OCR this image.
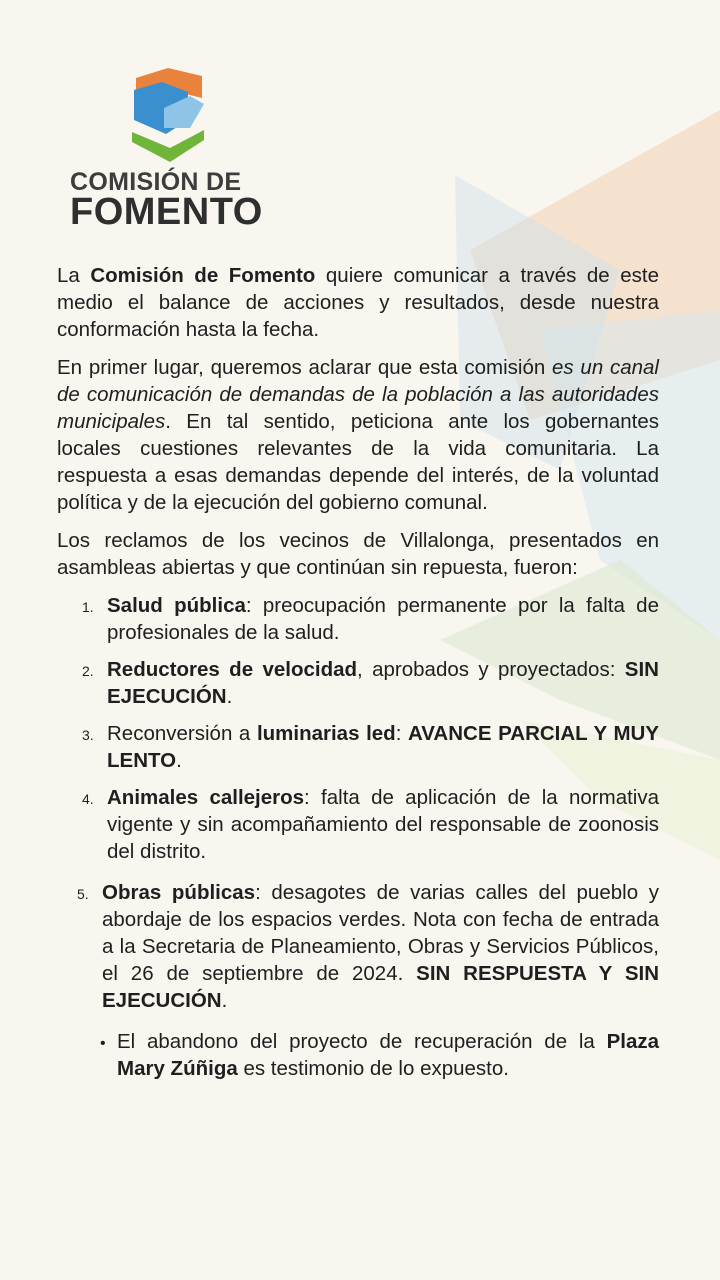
COMISIÓN DE
FOMENTO

La Comisión de Fomento quiere comunicar a través de este medio el balance de acciones y resultados, desde nuestra conformación hasta la fecha.

En primer lugar, queremos aclarar que esta comisión es un canal de comunicación de demandas de la población a las autoridades municipales. En tal sentido, peticiona ante los gobernantes locales cuestiones relevantes de la vida comunitaria. La respuesta a esas demandas depende del interés, de la voluntad política y de la ejecución del gobierno comunal.

Los reclamos de los vecinos de Villalonga, presentados en asambleas abiertas y que continúan sin repuesta, fueron:

1. Salud pública: preocupación permanente por la falta de profesionales de la salud.
2. Reductores de velocidad, aprobados y proyectados: SIN EJECUCIÓN.
3. Reconversión a luminarias led: AVANCE PARCIAL Y MUY LENTO.
4. Animales callejeros: falta de aplicación de la normativa vigente y sin acompañamiento del responsable de zoonosis del distrito.
5. Obras públicas: desagotes de varias calles del pueblo y abordaje de los espacios verdes. Nota con fecha de entrada a la Secretaria de Planeamiento, Obras y Servicios Públicos, el 26 de septiembre de 2024. SIN RESPUESTA Y SIN EJECUCIÓN.
• El abandono del proyecto de recuperación de la Plaza Mary Zúñiga es testimonio de lo expuesto.
